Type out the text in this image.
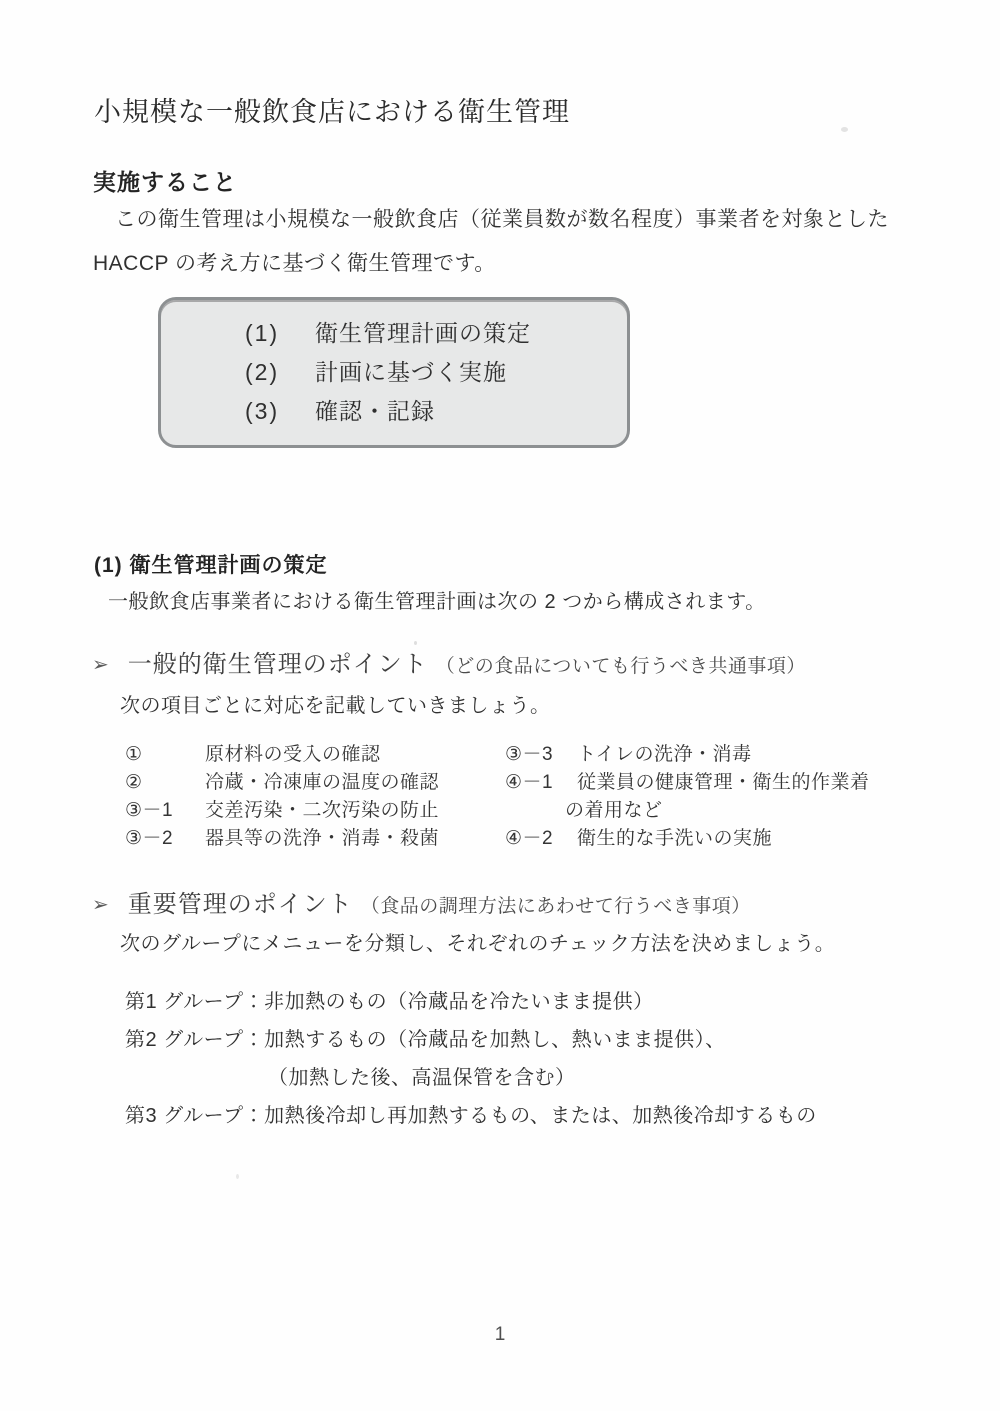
小規模な一般飲食店における衛生管理
実施すること
この衛生管理は小規模な一般飲食店（従業員数が数名程度）事業者を対象とした
HACCP の考え方に基づく衛生管理です。
(1)	衛生管理計画の策定
(2)	計画に基づく実施
(3)	確認・記録
(1) 衛生管理計画の策定
一般飲食店事業者における衛生管理計画は次の 2 つから構成されます。
➢ 一般的衛生管理のポイント （どの食品についても行うべき共通事項）
次の項目ごとに対応を記載していきましょう。
①	原材料の受入の確認
②	冷蔵・冷凍庫の温度の確認
③－1	交差汚染・二次汚染の防止
③－2	器具等の洗浄・消毒・殺菌
③－3	トイレの洗浄・消毒
④－1	従業員の健康管理・衛生的作業着
の着用など
④－2	衛生的な手洗いの実施
➢ 重要管理のポイント （食品の調理方法にあわせて行うべき事項）
次のグループにメニューを分類し、それぞれのチェック方法を決めましょう。
第1 グループ： 非加熱のもの（冷蔵品を冷たいまま提供）
第2 グループ： 加熱するもの（冷蔵品を加熱し、熱いまま提供）、
（加熱した後、高温保管を含む）
第3 グループ： 加熱後冷却し再加熱するもの、または、加熱後冷却するもの
1
